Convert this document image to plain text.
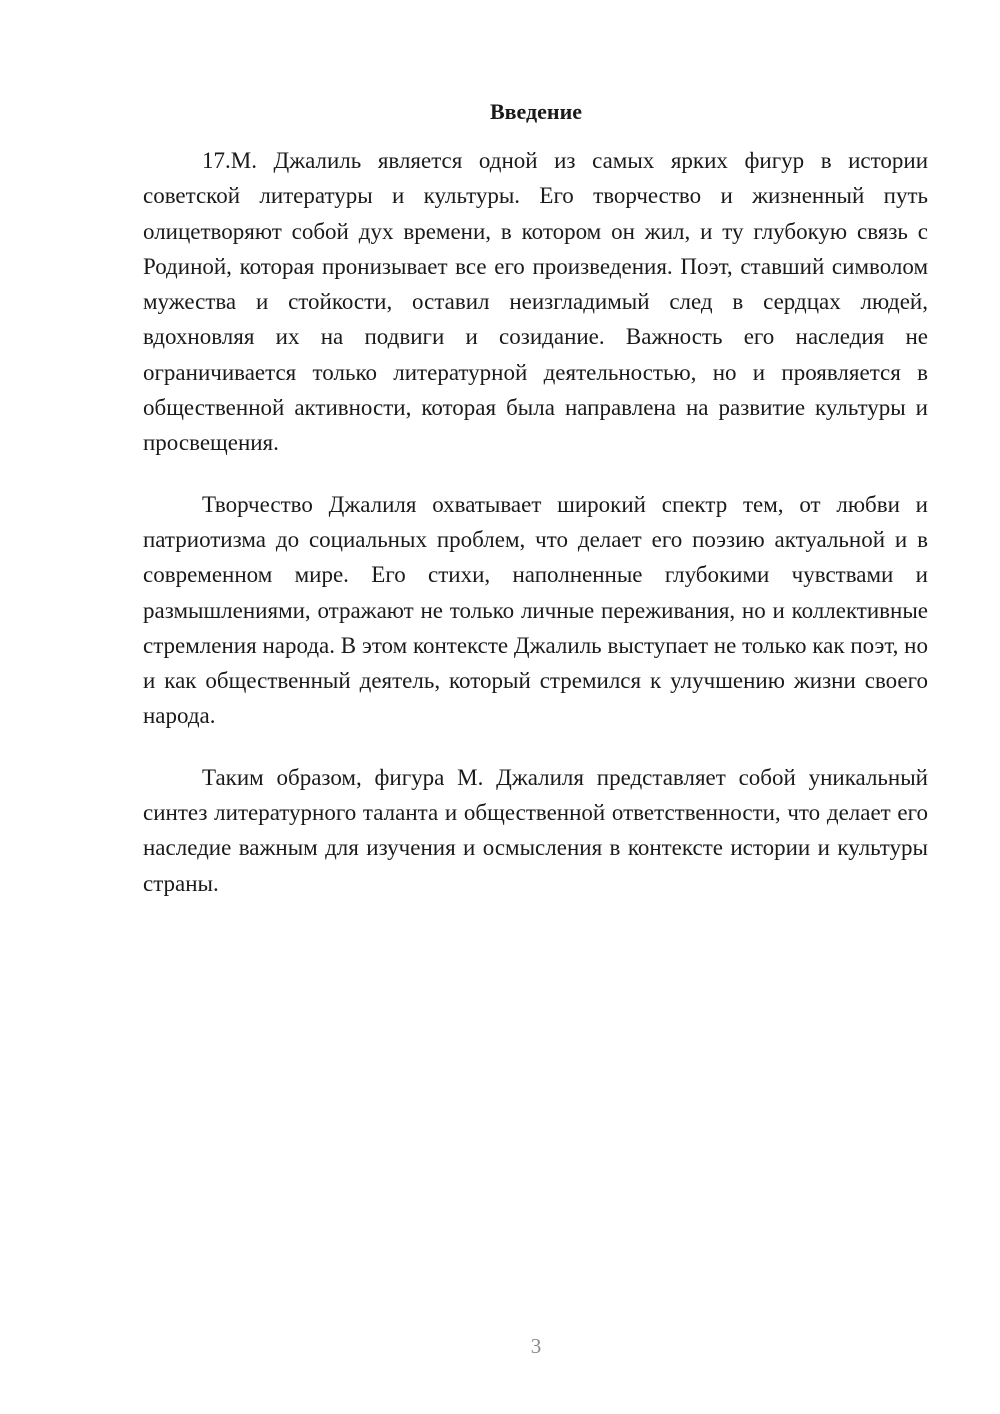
Введение

17.М. Джалиль является одной из самых ярких фигур в истории советской литературы и культуры. Его творчество и жизненный путь олицетворяют собой дух времени, в котором он жил, и ту глубокую связь с Родиной, которая пронизывает все его произведения. Поэт, ставший символом мужества и стойкости, оставил неизгладимый след в сердцах людей, вдохновляя их на подвиги и созидание. Важность его наследия не ограничивается только литературной деятельностью, но и проявляется в общественной активности, которая была направлена на развитие культуры и просвещения.

Творчество Джалиля охватывает широкий спектр тем, от любви и патриотизма до социальных проблем, что делает его поэзию актуальной и в современном мире. Его стихи, наполненные глубокими чувствами и размышлениями, отражают не только личные переживания, но и коллективные стремления народа. В этом контексте Джалиль выступает не только как поэт, но и как общественный деятель, который стремился к улучшению жизни своего народа.

Таким образом, фигура М. Джалиля представляет собой уникальный синтез литературного таланта и общественной ответственности, что делает его наследие важным для изучения и осмысления в контексте истории и культуры страны.

3
